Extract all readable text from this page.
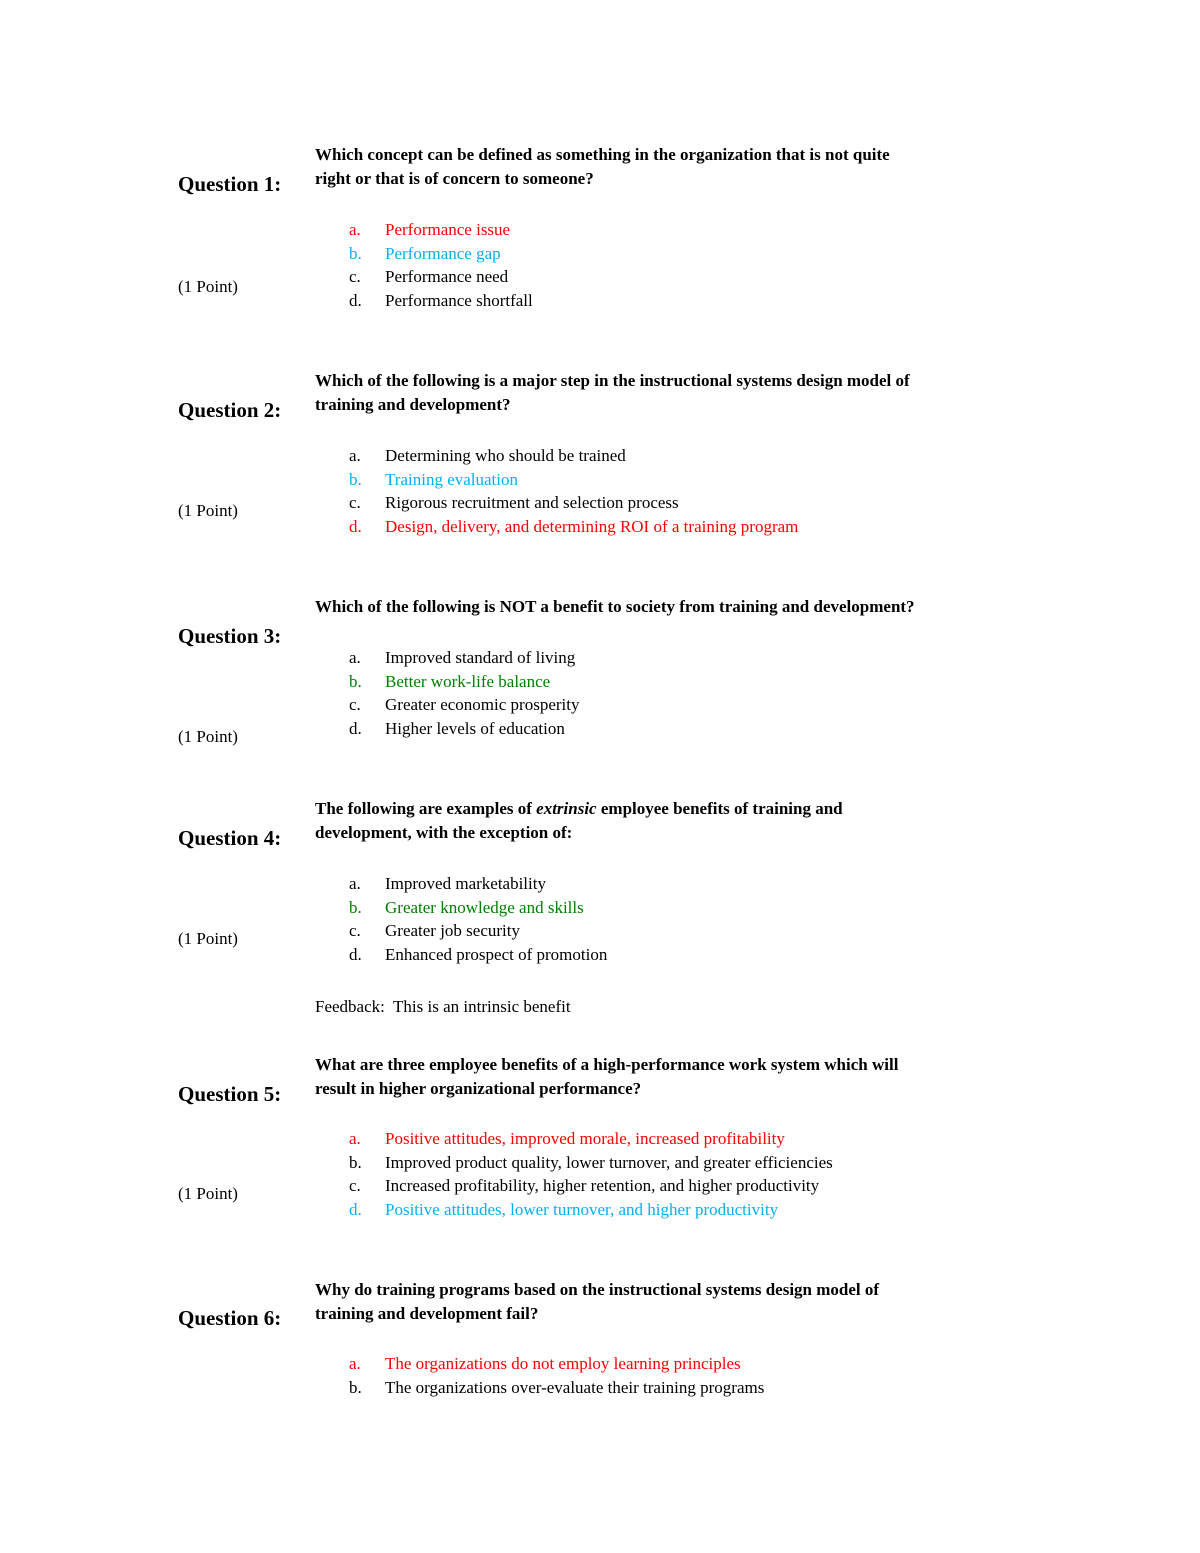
Which concept can be defined as something in the organization that is not quite
right or that is of concern to someone?
Question 1:
a. Performance issue
b. Performance gap
c. Performance need
d. Performance shortfall
(1 Point)
Which of the following is a major step in the instructional systems design model of
training and development?
Question 2:
a. Determining who should be trained
b. Training evaluation
c. Rigorous recruitment and selection process
d. Design, delivery, and determining ROI of a training program
(1 Point)
Which of the following is NOT a benefit to society from training and development?
Question 3:
a. Improved standard of living
b. Better work-life balance
c. Greater economic prosperity
d. Higher levels of education
(1 Point)
The following are examples of extrinsic employee benefits of training and
development, with the exception of:
Question 4:
a. Improved marketability
b. Greater knowledge and skills
c. Greater job security
d. Enhanced prospect of promotion
(1 Point)
Feedback:  This is an intrinsic benefit
What are three employee benefits of a high-performance work system which will
result in higher organizational performance?
Question 5:
a. Positive attitudes, improved morale, increased profitability
b. Improved product quality, lower turnover, and greater efficiencies
c. Increased profitability, higher retention, and higher productivity
d. Positive attitudes, lower turnover, and higher productivity
(1 Point)
Why do training programs based on the instructional systems design model of
training and development fail?
Question 6:
a. The organizations do not employ learning principles
b. The organizations over-evaluate their training programs
